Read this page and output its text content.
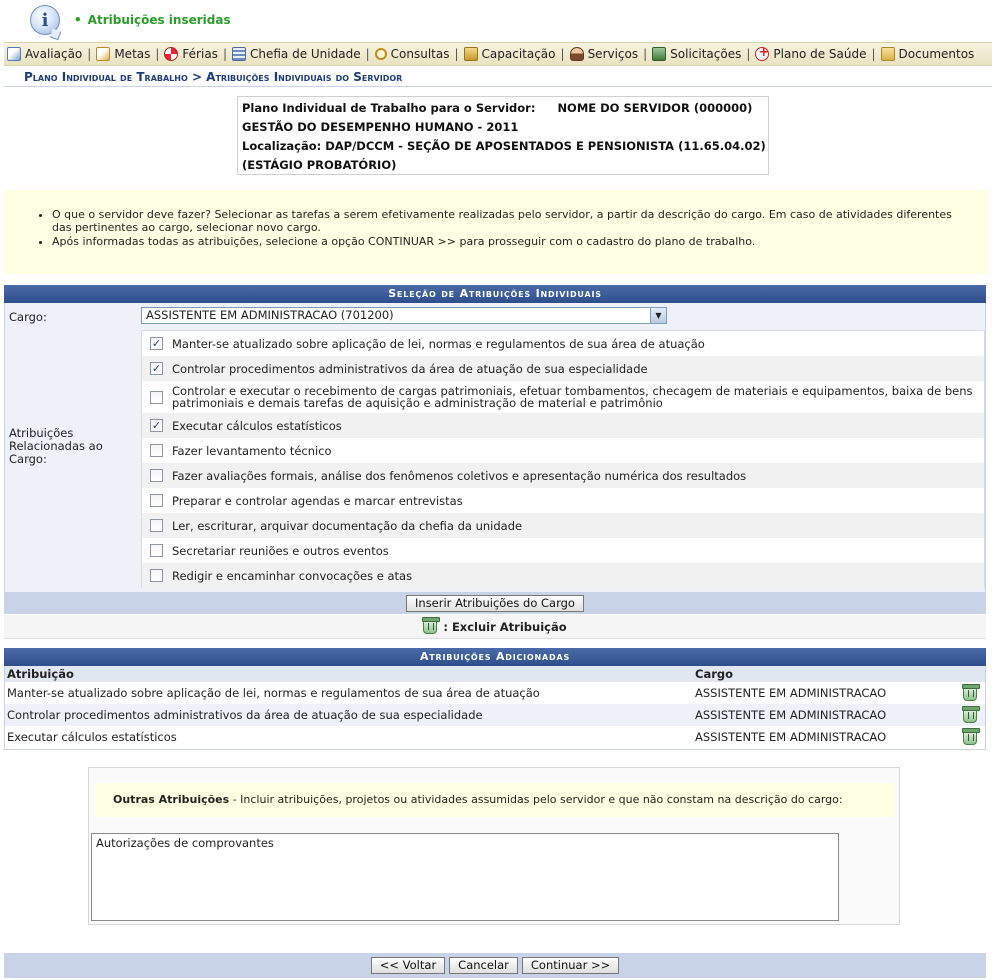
i	• Atribuições inseridas
Avaliação | Metas | Férias | Chefia de Unidade | Consultas | Capacitação | Serviços | Solicitações | + Plano de Saúde | Documentos
Plano Individual de Trabalho > Atribuições Individuais do Servidor
Plano Individual de Trabalho para o Servidor: NOME DO SERVIDOR (000000)
GESTÃO DO DESEMPENHO HUMANO - 2011
Localização: DAP/DCCM - SEÇÃO DE APOSENTADOS E PENSIONISTA (11.65.04.02)
(ESTÁGIO PROBATÓRIO)
• O que o servidor deve fazer? Selecionar as tarefas a serem efetivamente realizadas pelo servidor, a partir da descrição do cargo. Em caso de atividades diferentes das pertinentes ao cargo, selecionar novo cargo.
• Após informadas todas as atribuições, selecione a opção CONTINUAR >> para prosseguir com o cadastro do plano de trabalho.
Seleção de Atribuições Individuais
Cargo:	ASSISTENTE EM ADMINISTRACAO (701200)	▼
Atribuições Relacionadas ao Cargo:
✓ Manter-se atualizado sobre aplicação de lei, normas e regulamentos de sua área de atuação
✓ Controlar procedimentos administrativos da área de atuação de sua especialidade
Controlar e executar o recebimento de cargas patrimoniais, efetuar tombamentos, checagem de materiais e equipamentos, baixa de bens patrimoniais e demais tarefas de aquisição e administração de material e patrimônio
✓ Executar cálculos estatísticos
Fazer levantamento técnico
Fazer avaliações formais, análise dos fenômenos coletivos e apresentação numérica dos resultados
Preparar e controlar agendas e marcar entrevistas
Ler, escriturar, arquivar documentação da chefia da unidade
Secretariar reuniões e outros eventos
Redigir e encaminhar convocações e atas
Inserir Atribuições do Cargo
: Excluir Atribuição
Atribuições Adicionadas
Atribuição	Cargo
Manter-se atualizado sobre aplicação de lei, normas e regulamentos de sua área de atuação	ASSISTENTE EM ADMINISTRACAO
Controlar procedimentos administrativos da área de atuação de sua especialidade	ASSISTENTE EM ADMINISTRACAO
Executar cálculos estatísticos	ASSISTENTE EM ADMINISTRACAO
Outras Atribuições - Incluir atribuições, projetos ou atividades assumidas pelo servidor e que não constam na descrição do cargo:
Autorizações de comprovantes
<< Voltar	Cancelar	Continuar >>
